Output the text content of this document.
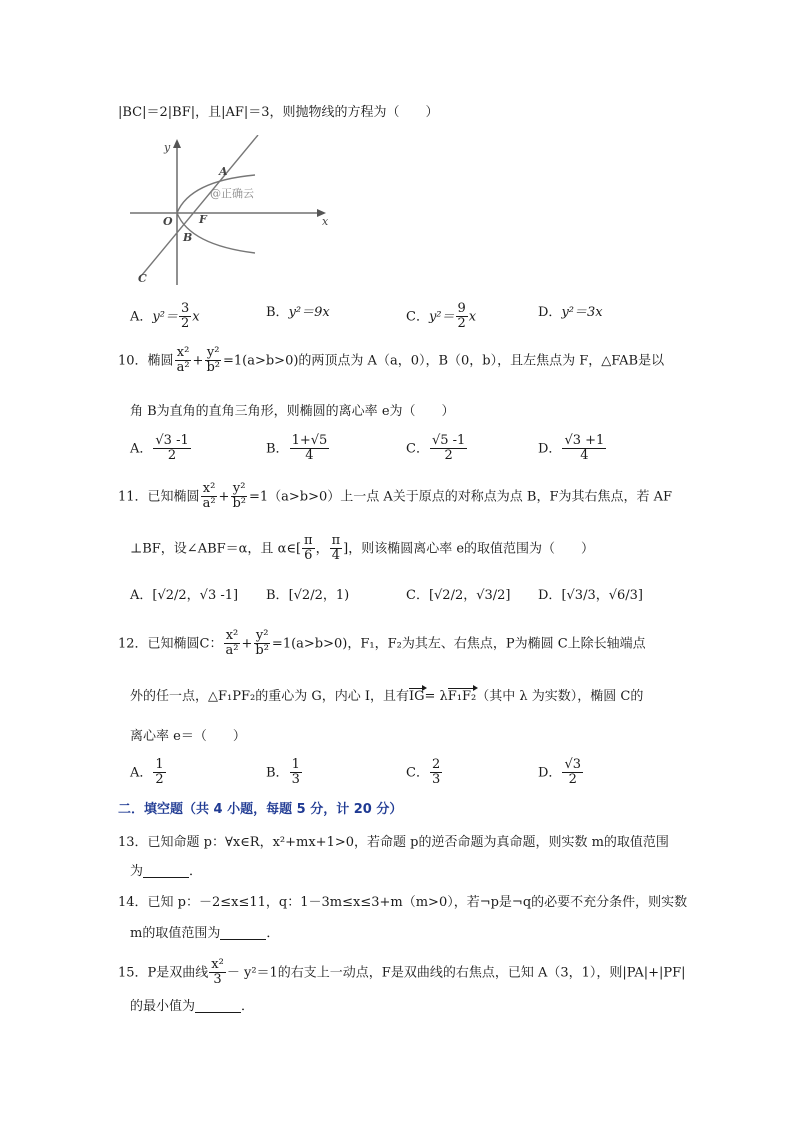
|BC|＝2|BF|，且|AF|＝3，则抛物线的方程为（　　）
y
x
O
A
B
C
F
@正确云
A．$y^2= \frac{3}{2}$ x	B．y²＝9x	C．$y^2= \frac{9}{2}$ x	D．y²＝3x
10．椭圆 $\frac{\text{x²}}{\text{a²}} + \frac{\text{y²}}{\text{b²}} =1(a>b>0)$的两顶点为 A（a，0），B（0，b），且左焦点为 F，△FAB是以
角 B为直角的直角三角形，则椭圆的离心率 e为（　　）
A． $\frac{√3 -1}{2}$	B． $\frac{1+√5}{4}$	C． $\frac{√5 -1}{2}$	D． $\frac{√3 +1}{4}$
11．已知椭圆 $\frac{\text{x²}}{\text{a²}} + \frac{\text{y²}}{\text{b²}} =1(a>b>0)$上一点 A关于原点的对称点为点 B，F为其右焦点，若 AF
⊥BF，设∠ABF＝α，且 α∈[ $\frac{\pi}{6}$ ， $\frac{\pi}{4}$ ]，则该椭圆离心率 e的取值范围为（　　）
A．[√2/2，√3 -1] B．[√2/2，1)	C．[√2/2，√3/2] D．[√3/3，√6/3]
12．已知椭圆C： $\frac{\text{x²}}{\text{a²}} + \frac{\text{y²}}{\text{b²}} =1(a>b>0)$，F₁，F₂为其左、右焦点，P为椭圆 C上除长轴端点
外的任一点，△F₁PF₂的重心为 G，内心 I，且有IG= λF₁F₂（其中 λ 为实数），椭圆 C的
离心率 e＝（　　）
A． $\frac{1}{2}$	B． $\frac{1}{3}$	C． $\frac{2}{3}$	D． $\frac{√3}{2}$
二．填空题（共 4 小题，每题 5 分，计 20 分）
13．已知命题 p：∀x∈R，x²+mx+1>0，若命题 p的逆否命题为真命题，则实数 m的取值范围
为	．
14．已知 p：－2≤x≤11，q：1－3m≤x≤3+m（m>0），若¬p是¬q的必要不充分条件，则实数
m的取值范围为	．
15．P是双曲线 $\frac{\text{x²}}{3} - y^2=1$的右支上一动点，F是双曲线的右焦点，已知 A（3，1），则|PA|+|PF|
的最小值为	．
